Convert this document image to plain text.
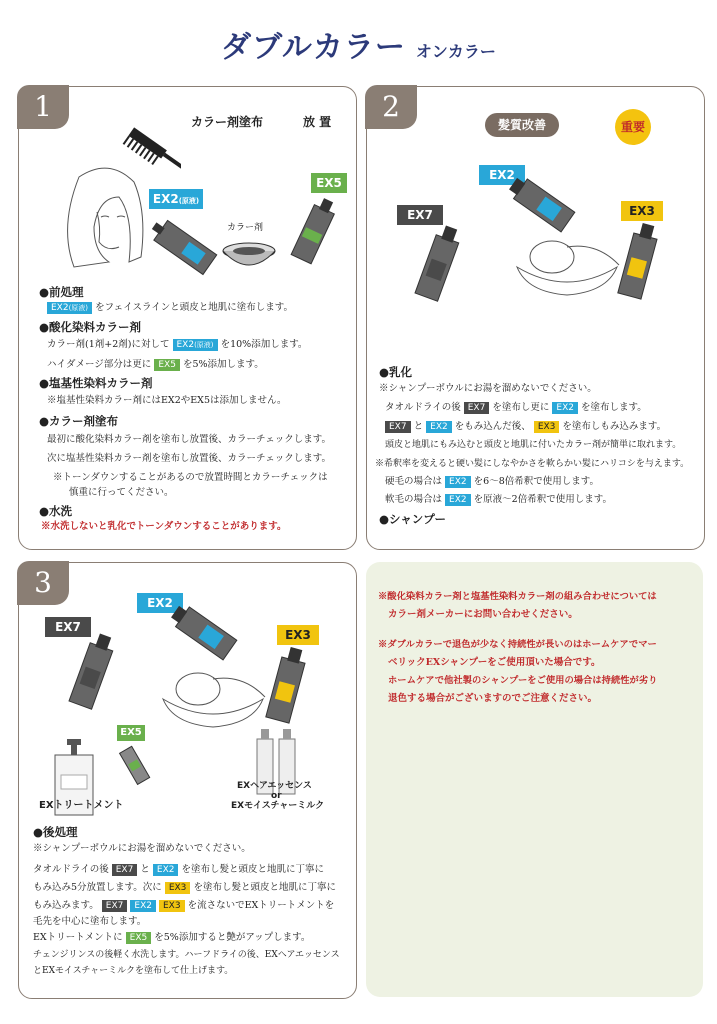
ダブルカラー オンカラー
1	カラー剤塗布	放 置
EX2(原液)
EX5
カラー剤
●前処理
EX2(原液) をフェイスラインと頭皮と地肌に塗布します。
●酸化染料カラー剤
カラー剤(1剤+2剤)に対して EX2(原液) を10%添加します。
ハイダメージ部分は更に EX5 を5%添加します。
●塩基性染料カラー剤
※塩基性染料カラー剤にはEX2やEX5は添加しません。
●カラー剤塗布
最初に酸化染料カラー剤を塗布し放置後、カラーチェックします。
次に塩基性染料カラー剤を塗布し放置後、カラーチェックします。
※トーンダウンすることがあるので放置時間とカラーチェックは
慎重に行ってください。
●水洗
※水洗しないと乳化でトーンダウンすることがあります。
2
髪質改善	重要
EX7
EX2
EX3
●乳化
※シャンプーボウルにお湯を溜めないでください。
タオルドライの後 EX7 を塗布し更に EX2 を塗布します。
EX7 と EX2 をもみ込んだ後、 EX3 を塗布しもみ込みます。
頭皮と地肌にもみ込むと頭皮と地肌に付いたカラー剤が簡単に取れます。
※希釈率を変えると硬い髪にしなやかさを軟らかい髪にハリコシを与えます。
硬毛の場合は EX2 を6～8倍希釈で使用します。
軟毛の場合は EX2 を原液～2倍希釈で使用します。
●シャンプー
3
EX7
EX2
EX3
EX5
EXトリートメント
EXヘアエッセンス
or
EXモイスチャーミルク
●後処理
※シャンプーボウルにお湯を溜めないでください。
タオルドライの後 EX7 と EX2 を塗布し髪と頭皮と地肌に丁寧に
もみ込み5分放置します。次に EX3 を塗布し髪と頭皮と地肌に丁寧に
もみ込みます。 EX7 EX2 EX3 を流さないでEXトリートメントを
毛先を中心に塗布します。
EXトリートメントに EX5 を5%添加すると艶がアップします。
チェンジリンスの後軽く水洗します。ハーフドライの後、EXヘアエッセンス
とEXモイスチャーミルクを塗布して仕上げます。
※酸化染料カラー剤と塩基性染料カラー剤の組み合わせについては
カラー剤メーカーにお問い合わせください。
※ダブルカラーで退色が少なく持続性が長いのはホームケアでマー
ベリックEXシャンプーをご使用頂いた場合です。
ホームケアで他社製のシャンプーをご使用の場合は持続性が劣り
退色する場合がございますのでご注意ください。
